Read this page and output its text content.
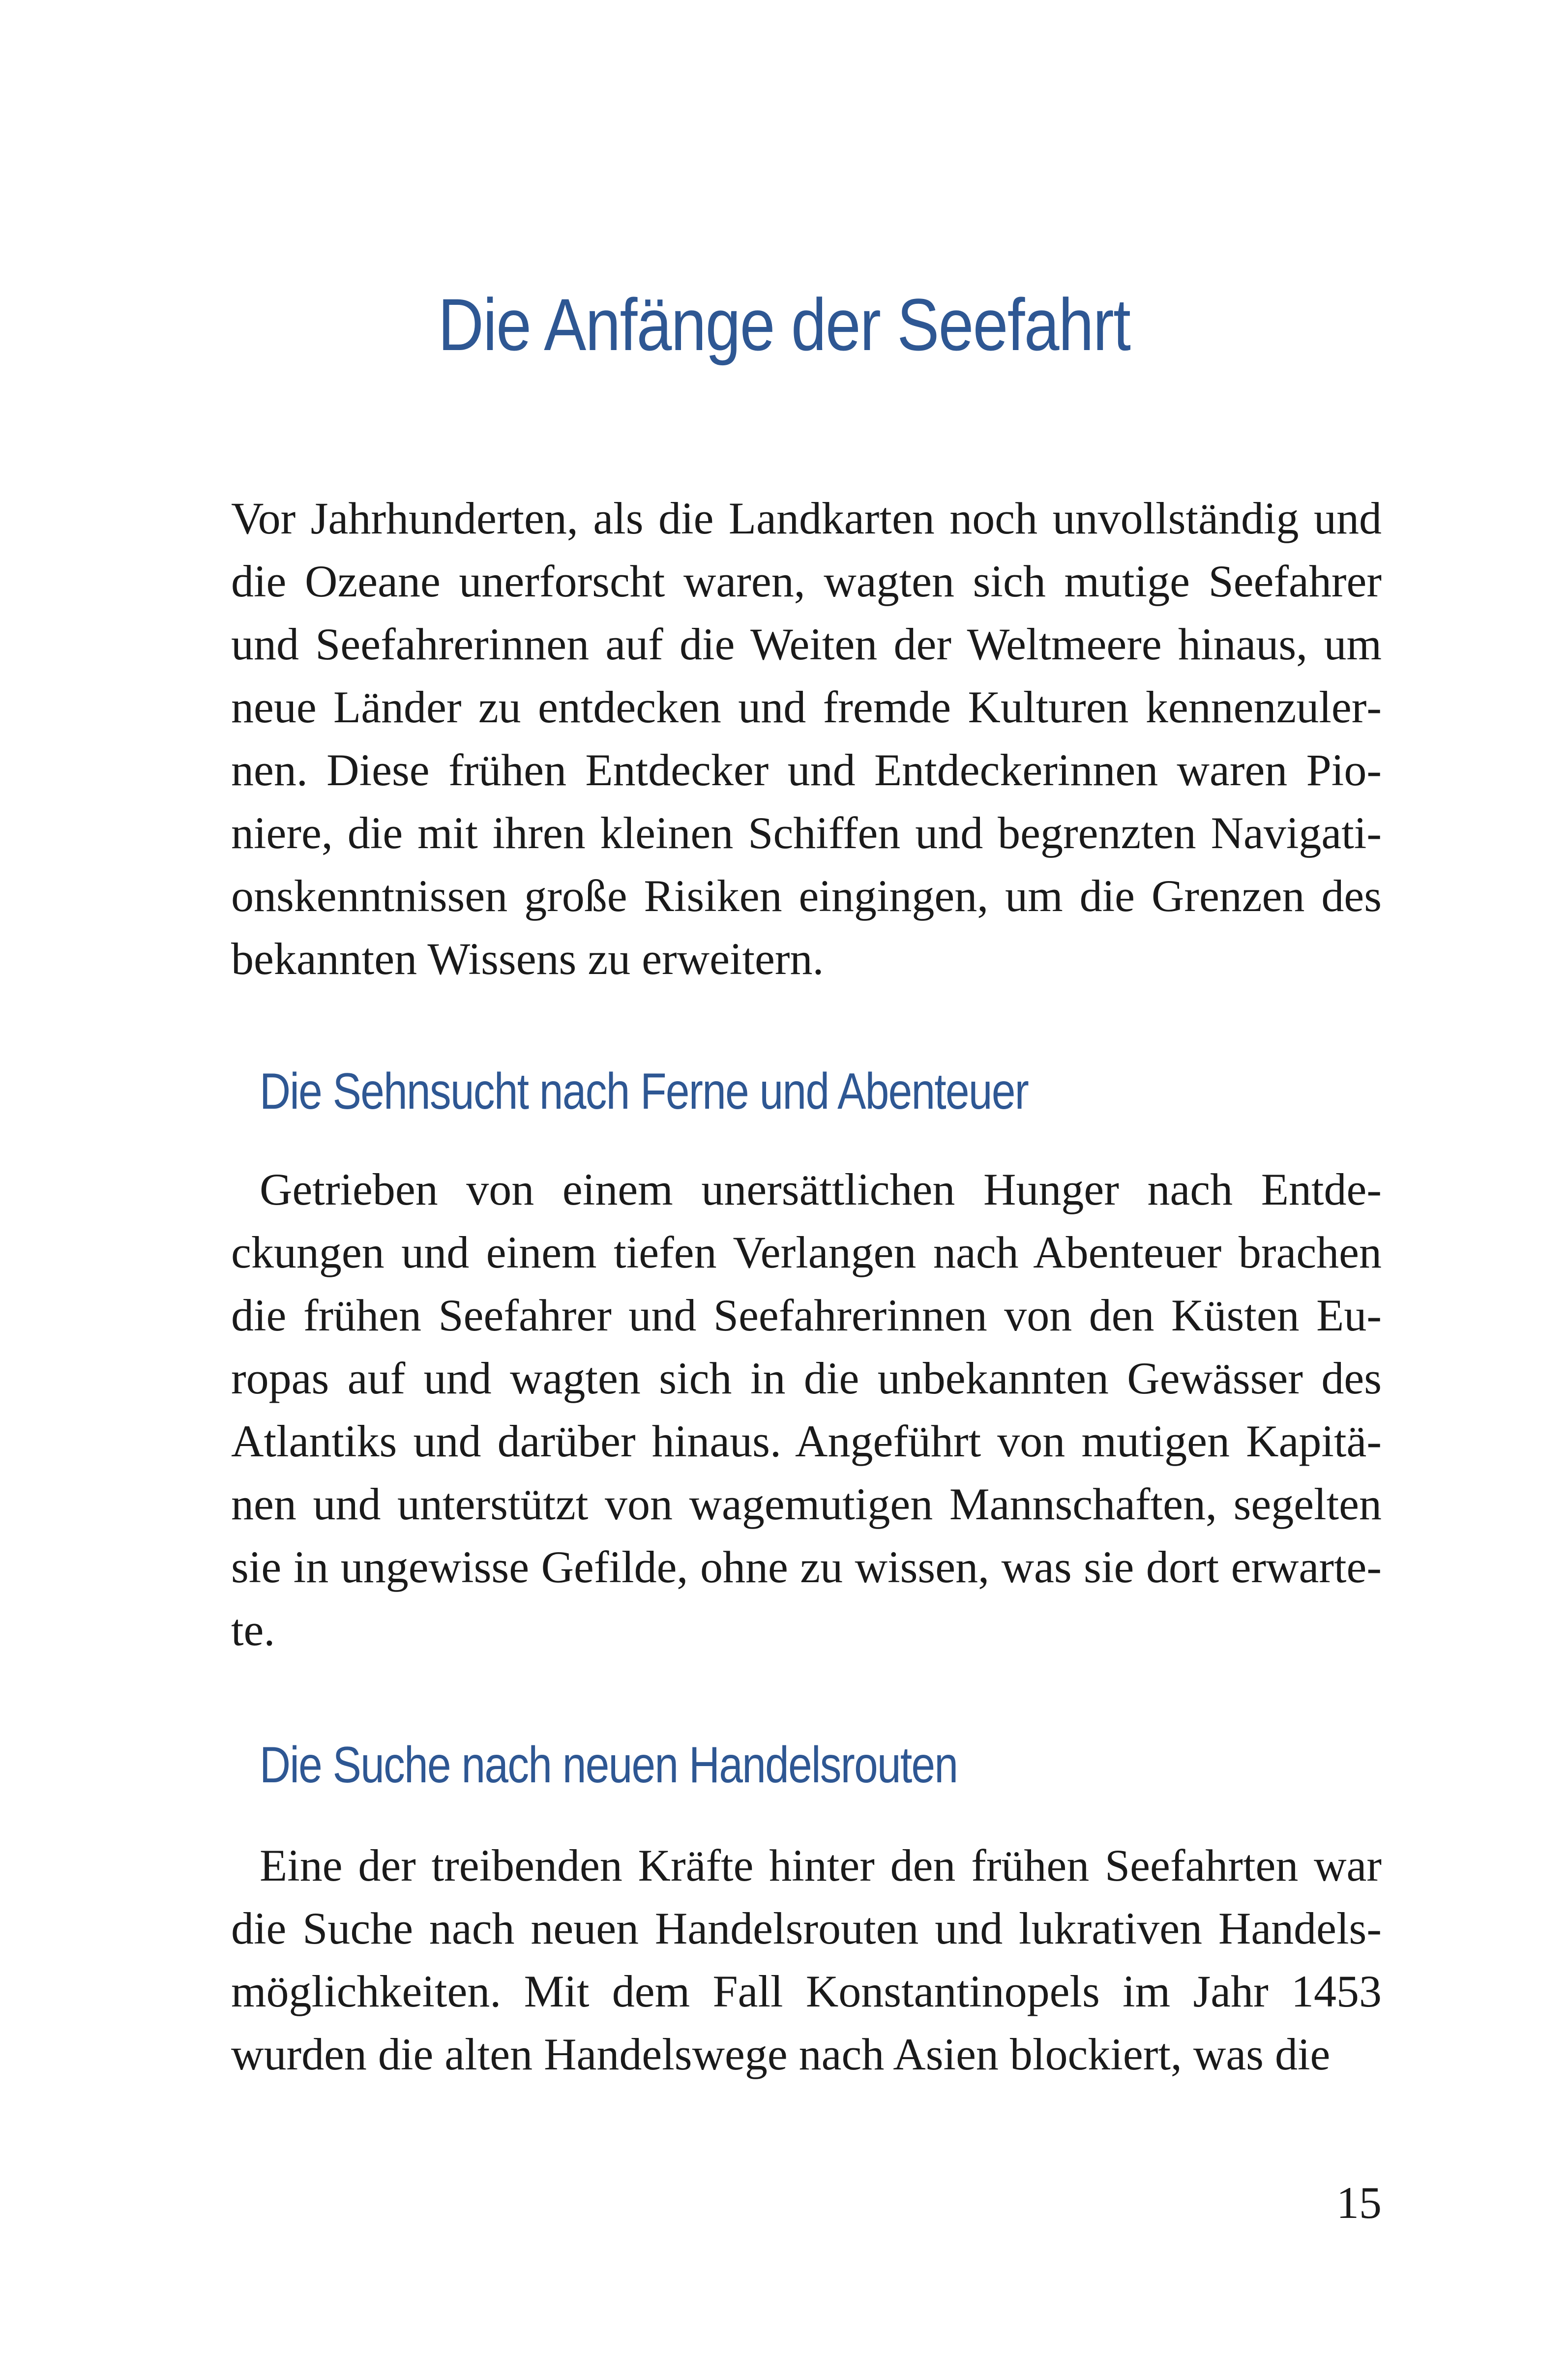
Die Anfänge der Seefahrt

Vor Jahrhunderten, als die Landkarten noch unvollständig und die Ozeane unerforscht waren, wagten sich mutige Seefahrer und Seefahrerinnen auf die Weiten der Weltmeere hinaus, um neue Länder zu entdecken und fremde Kulturen kennenzulernen. Diese frühen Entdecker und Entdeckerinnen waren Pioniere, die mit ihren kleinen Schiffen und begrenzten Navigationskenntnissen große Risiken eingingen, um die Grenzen des bekannten Wissens zu erweitern.

Die Sehnsucht nach Ferne und Abenteuer

Getrieben von einem unersättlichen Hunger nach Entdeckungen und einem tiefen Verlangen nach Abenteuer brachen die frühen Seefahrer und Seefahrerinnen von den Küsten Europas auf und wagten sich in die unbekannten Gewässer des Atlantiks und darüber hinaus. Angeführt von mutigen Kapitänen und unterstützt von wagemutigen Mannschaften, segelten sie in ungewisse Gefilde, ohne zu wissen, was sie dort erwartete.

Die Suche nach neuen Handelsrouten

Eine der treibenden Kräfte hinter den frühen Seefahrten war die Suche nach neuen Handelsrouten und lukrativen Handelsmöglichkeiten. Mit dem Fall Konstantinopels im Jahr 1453 wurden die alten Handelswege nach Asien blockiert, was die

15
